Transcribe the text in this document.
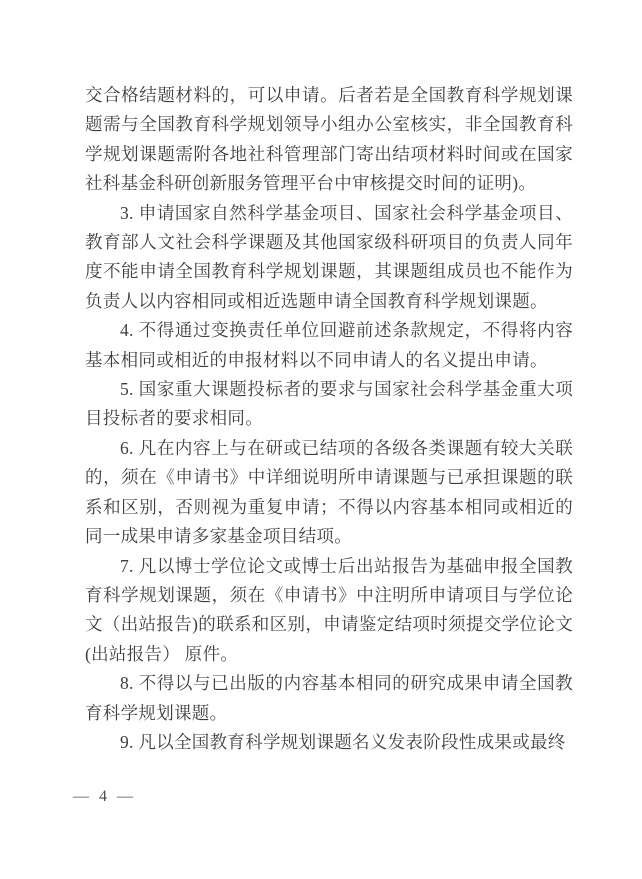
交合格结题材料的，可以申请。后者若是全国教育科学规划课题需与全国教育科学规划领导小组办公室核实，非全国教育科学规划课题需附各地社科管理部门寄出结项材料时间或在国家社科基金科研创新服务管理平台中审核提交时间的证明)。

3. 申请国家自然科学基金项目、国家社会科学基金项目、教育部人文社会科学课题及其他国家级科研项目的负责人同年度不能申请全国教育科学规划课题，其课题组成员也不能作为负责人以内容相同或相近选题申请全国教育科学规划课题。

4. 不得通过变换责任单位回避前述条款规定，不得将内容基本相同或相近的申报材料以不同申请人的名义提出申请。

5. 国家重大课题投标者的要求与国家社会科学基金重大项目投标者的要求相同。

6. 凡在内容上与在研或已结项的各级各类课题有较大关联的，须在《申请书》中详细说明所申请课题与已承担课题的联系和区别，否则视为重复申请；不得以内容基本相同或相近的同一成果申请多家基金项目结项。

7. 凡以博士学位论文或博士后出站报告为基础申报全国教育科学规划课题，须在《申请书》中注明所申请项目与学位论文（出站报告)的联系和区别，申请鉴定结项时须提交学位论文(出站报告） 原件。

8. 不得以与已出版的内容基本相同的研究成果申请全国教育科学规划课题。

9. 凡以全国教育科学规划课题名义发表阶段性成果或最终

— 4 —
